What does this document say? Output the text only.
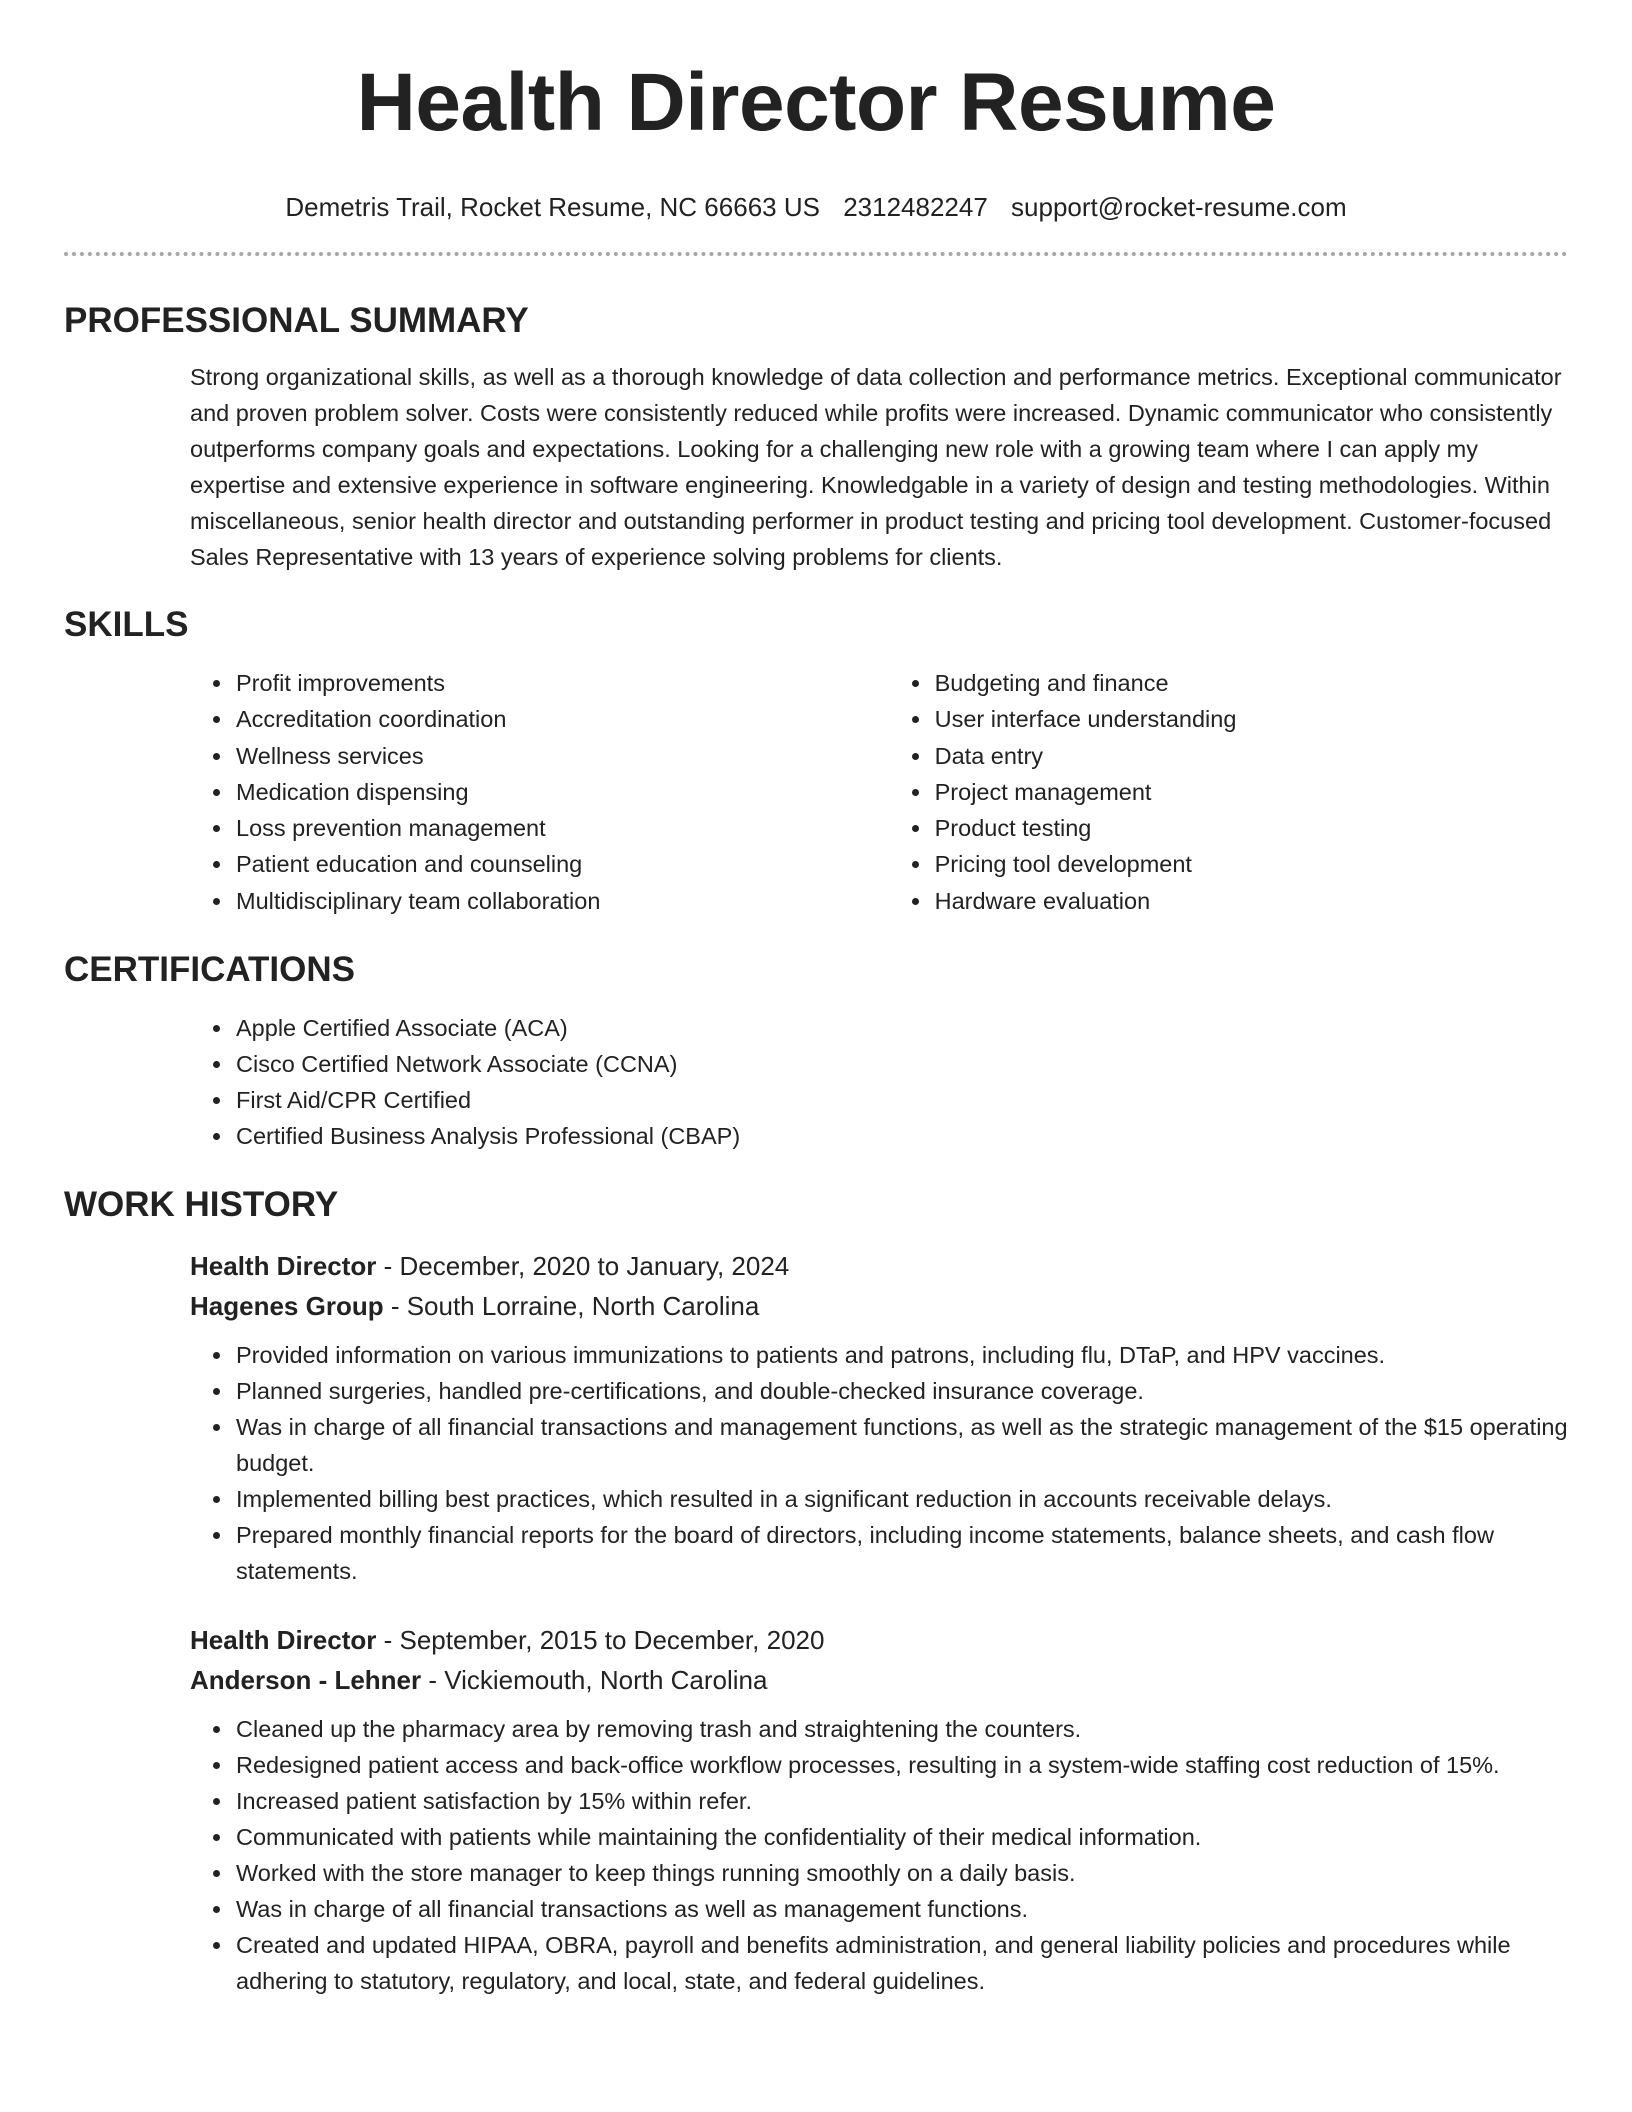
Health Director Resume
Demetris Trail, Rocket Resume, NC 66663 US 2312482247 support@rocket-resume.com
PROFESSIONAL SUMMARY

Strong organizational skills, as well as a thorough knowledge of data collection and performance metrics. Exceptional communicator and proven problem solver. Costs were consistently reduced while profits were increased. Dynamic communicator who consistently outperforms company goals and expectations. Looking for a challenging new role with a growing team where I can apply my expertise and extensive experience in software engineering. Knowledgable in a variety of design and testing methodologies. Within miscellaneous, senior health director and outstanding performer in product testing and pricing tool development. Customer-focused Sales Representative with 13 years of experience solving problems for clients.

SKILLS
• Profit improvements
• Accreditation coordination
• Wellness services
• Medication dispensing
• Loss prevention management
• Patient education and counseling
• Multidisciplinary team collaboration
• Budgeting and finance
• User interface understanding
• Data entry
• Project management
• Product testing
• Pricing tool development
• Hardware evaluation
CERTIFICATIONS
• Apple Certified Associate (ACA)
• Cisco Certified Network Associate (CCNA)
• First Aid/CPR Certified
• Certified Business Analysis Professional (CBAP)
WORK HISTORY
Health Director - December, 2020 to January, 2024
Hagenes Group - South Lorraine, North Carolina
• Provided information on various immunizations to patients and patrons, including flu, DTaP, and HPV vaccines.
• Planned surgeries, handled pre-certifications, and double-checked insurance coverage.
• Was in charge of all financial transactions and management functions, as well as the strategic management of the $15 operating budget.
• Implemented billing best practices, which resulted in a significant reduction in accounts receivable delays.
• Prepared monthly financial reports for the board of directors, including income statements, balance sheets, and cash flow statements.
Health Director - September, 2015 to December, 2020
Anderson - Lehner - Vickiemouth, North Carolina
• Cleaned up the pharmacy area by removing trash and straightening the counters.
• Redesigned patient access and back-office workflow processes, resulting in a system-wide staffing cost reduction of 15%.
• Increased patient satisfaction by 15% within refer.
• Communicated with patients while maintaining the confidentiality of their medical information.
• Worked with the store manager to keep things running smoothly on a daily basis.
• Was in charge of all financial transactions as well as management functions.
• Created and updated HIPAA, OBRA, payroll and benefits administration, and general liability policies and procedures while adhering to statutory, regulatory, and local, state, and federal guidelines.
